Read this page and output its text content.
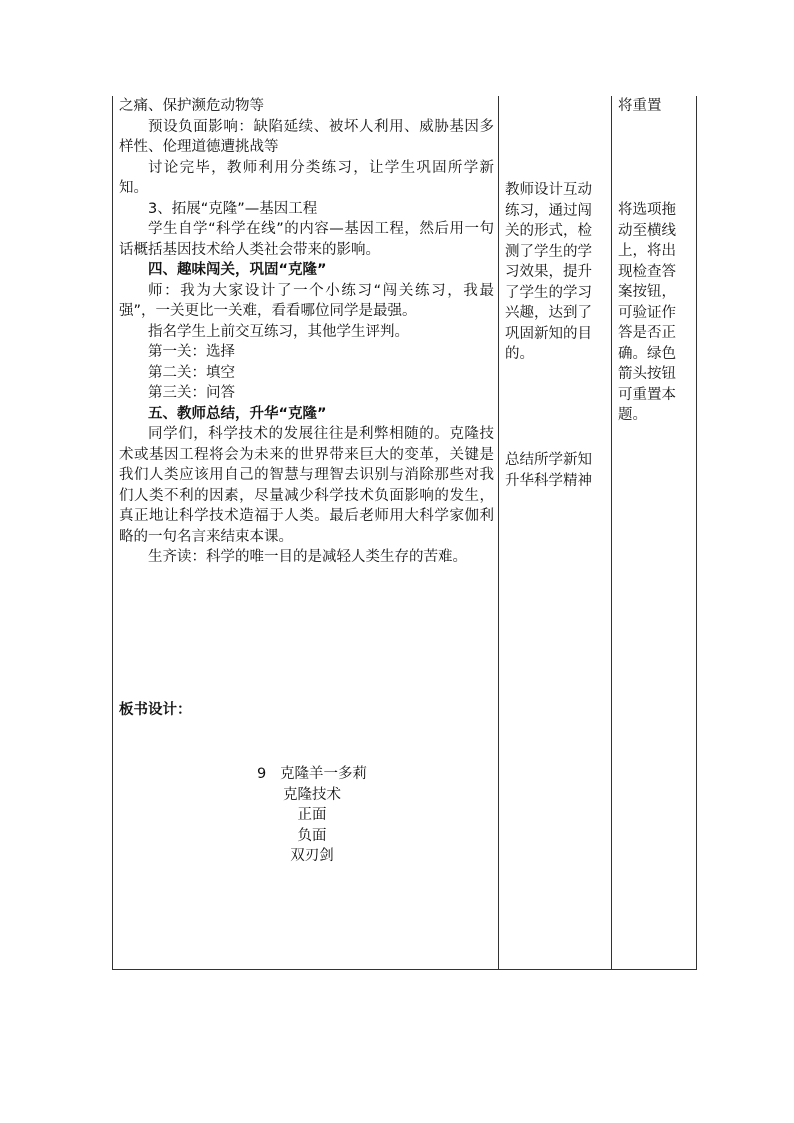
之痛、保护濒危动物等

预设负面影响：缺陷延续、被坏人利用、威胁基因多样性、伦理道德遭挑战等

讨论完毕，教师利用分类练习，让学生巩固所学新知。

3、拓展“克隆”—基因工程

学生自学“科学在线”的内容—基因工程，然后用一句话概括基因技术给人类社会带来的影响。

四、趣味闯关，巩固“克隆”

师：我为大家设计了一个小练习“闯关练习，我最强”，一关更比一关难，看看哪位同学是最强。

指名学生上前交互练习，其他学生评判。

第一关：选择

第二关：填空

第三关：问答

五、教师总结，升华“克隆”

同学们，科学技术的发展往往是利弊相随的。克隆技术或基因工程将会为未来的世界带来巨大的变革，关键是我们人类应该用自己的智慧与理智去识别与消除那些对我们人类不利的因素，尽量减少科学技术负面影响的发生，真正地让科学技术造福于人类。最后老师用大科学家伽利略的一句名言来结束本课。

生齐读：科学的唯一目的是减轻人类生存的苦难。

板书设计：
9   克隆羊一多莉
克隆技术
正面
负面
双刃剑
教师设计互动练习，通过闯关的形式，检测了学生的学习效果，提升了学生的学习兴趣，达到了巩固新知的目的。
总结所学新知升华科学精神
将重置
将选项拖动至横线上，将出现检查答案按钮，可验证作答是否正确。绿色箭头按钮可重置本题。
